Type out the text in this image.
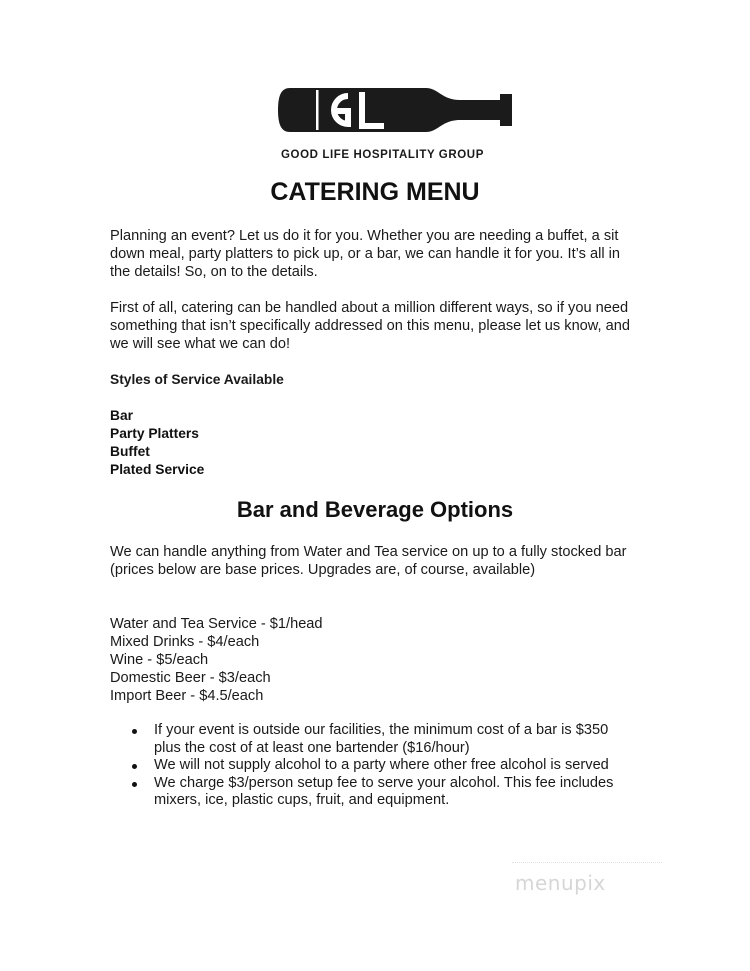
GOOD LIFE HOSPITALITY GROUP
CATERING MENU

Planning an event? Let us do it for you. Whether you are needing a buffet, a sit down meal, party platters to pick up, or a bar, we can handle it for you. It’s all in the details! So, on to the details.

First of all, catering can be handled about a million different ways, so if you need something that isn’t specifically addressed on this menu, please let us know, and we will see what we can do!

Styles of Service Available

Bar
Party Platters
Buffet
Plated Service
Bar and Beverage Options

We can handle anything from Water and Tea service on up to a fully stocked bar (prices below are base prices. Upgrades are, of course, available)

Water and Tea Service - $1/head
Mixed Drinks - $4/each
Wine - $5/each
Domestic Beer - $3/each
Import Beer - $4.5/each
If your event is outside our facilities, the minimum cost of a bar is $350 plus the cost of at least one bartender ($16/hour)
We will not supply alcohol to a party where other free alcohol is served
We charge $3/person setup fee to serve your alcohol. This fee includes mixers, ice, plastic cups, fruit, and equipment.
menupix
